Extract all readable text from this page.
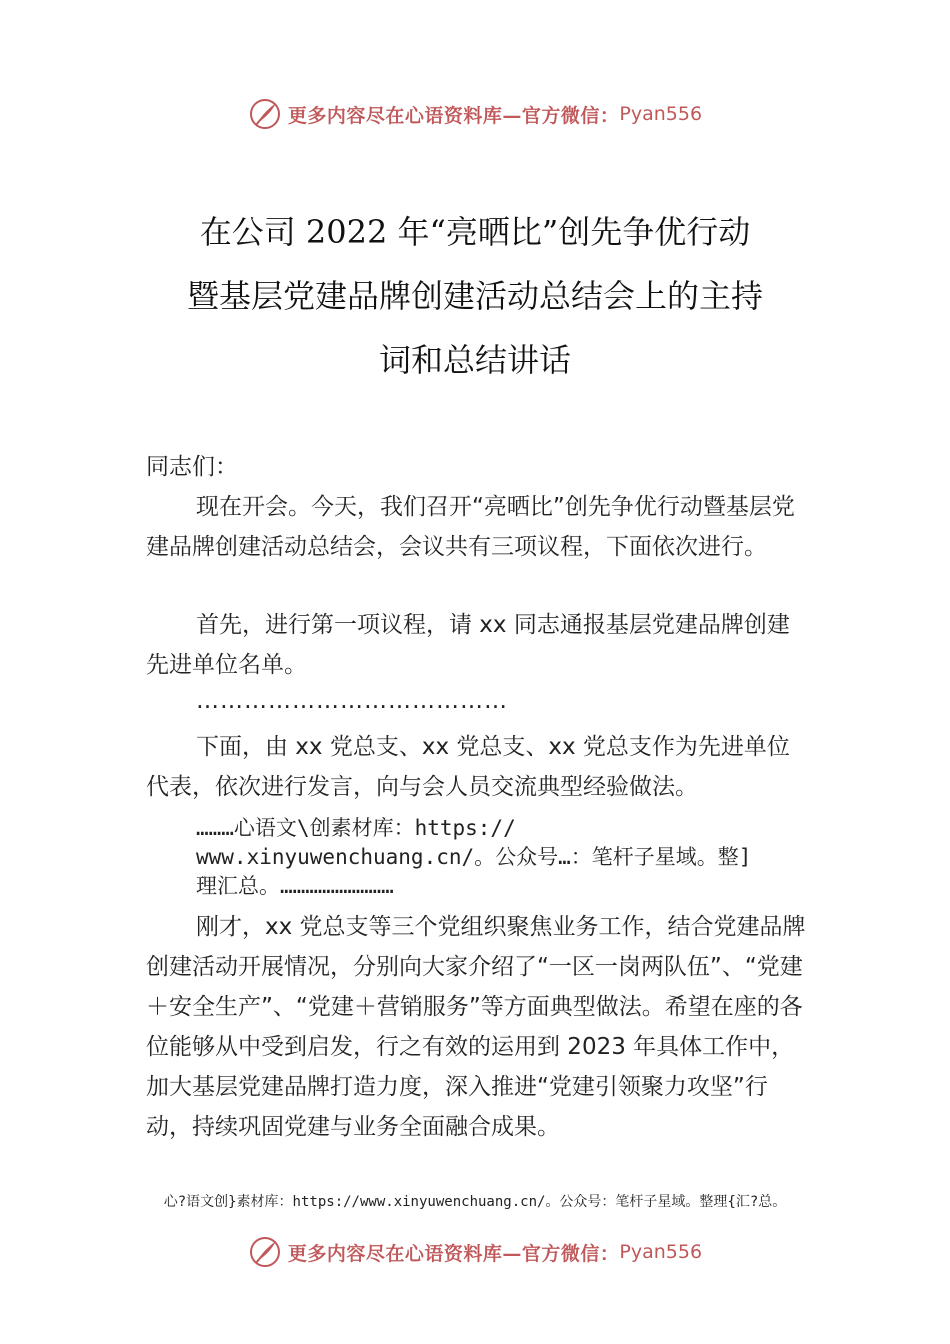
更多内容尽在心语资料库—官方微信： Pyan556
在公司 2022 年“亮晒比”创先争优行动
暨基层党建品牌创建活动总结会上的主持
词和总结讲话

同志们：

现在开会。今天，我们召开“亮晒比”创先争优行动暨基层党建品牌创建活动总结会，会议共有三项议程，下面依次进行。

首先，进行第一项议程，请 xx 同志通报基层党建品牌创建先进单位名单。

…………………………………

下面，由 xx 党总支、xx 党总支、xx 党总支作为先进单位代表，依次进行发言，向与会人员交流典型经验做法。

………心语文\创素材库：https://
www.xinyuwenchuang.cn/。公众号…：笔杆子星域。整]
理汇总。………………………

刚才，xx 党总支等三个党组织聚焦业务工作，结合党建品牌创建活动开展情况，分别向大家介绍了“一区一岗两队伍”、“党建＋安全生产”、“党建＋营销服务”等方面典型做法。希望在座的各位能够从中受到启发，行之有效的运用到 2023 年具体工作中，加大基层党建品牌打造力度，深入推进“党建引领聚力攻坚”行动，持续巩固党建与业务全面融合成果。

心?语文创}素材库：https://www.xinyuwenchuang.cn/。公众号：笔杆子星域。整理{汇?总。
更多内容尽在心语资料库—官方微信： Pyan556
